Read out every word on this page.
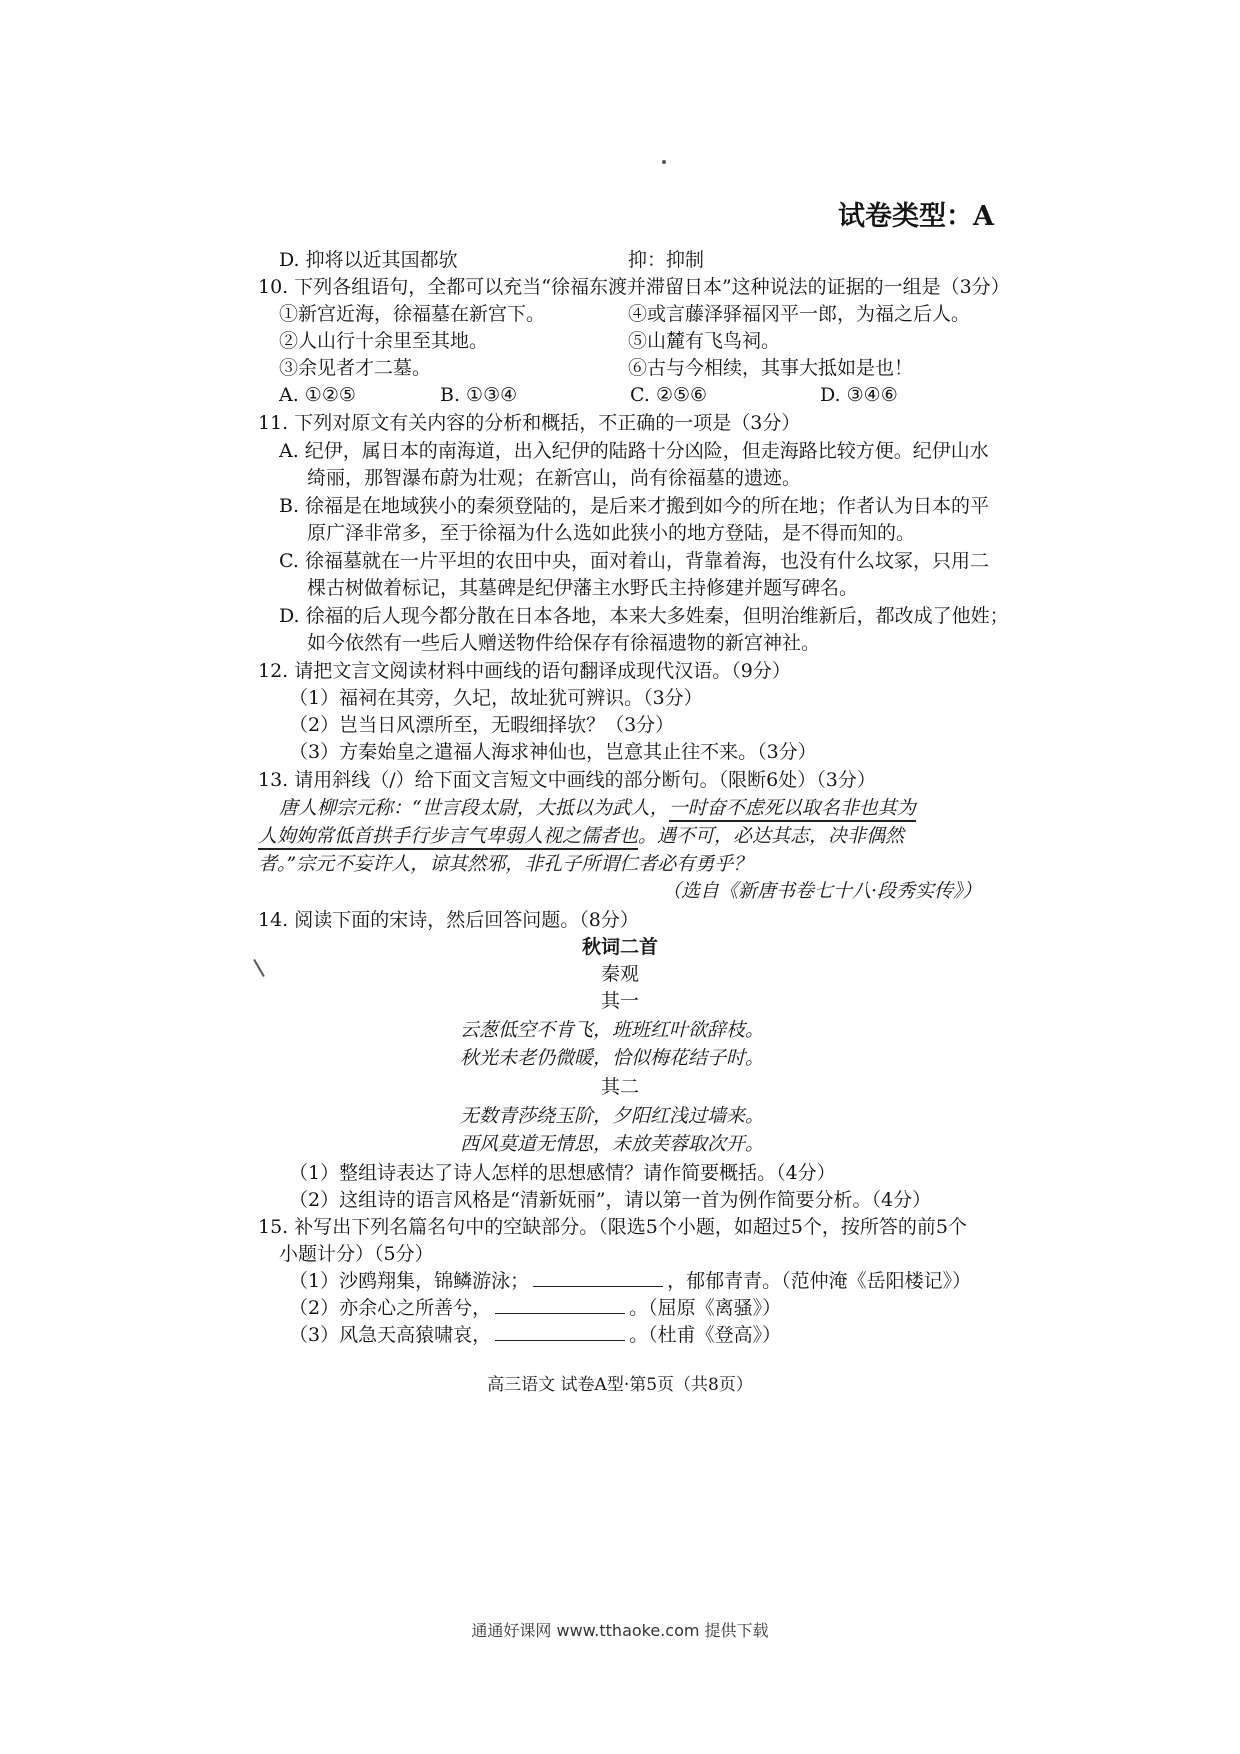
试卷类型：A
D. 抑将以近其国都欤	抑：抑制
10. 下列各组语句，全都可以充当“徐福东渡并滞留日本”这种说法的证据的一组是（3分）
①新宫近海，徐福墓在新宫下。	④或言藤泽驿福冈平一郎，为福之后人。
②人山行十余里至其地。	⑤山麓有飞鸟祠。
③余见者才二墓。	⑥古与今相续，其事大抵如是也！
A. ①②⑤	B. ①③④	C. ②⑤⑥	D. ③④⑥
11. 下列对原文有关内容的分析和概括，不正确的一项是（3分）
A. 纪伊，属日本的南海道，出入纪伊的陆路十分凶险，但走海路比较方便。纪伊山水
绮丽，那智瀑布蔚为壮观；在新宫山，尚有徐福墓的遗迹。
B. 徐福是在地域狭小的秦须登陆的，是后来才搬到如今的所在地；作者认为日本的平
原广泽非常多，至于徐福为什么选如此狭小的地方登陆，是不得而知的。
C. 徐福墓就在一片平坦的农田中央，面对着山，背靠着海，也没有什么坟冢，只用二
棵古树做着标记，其墓碑是纪伊藩主水野氏主持修建并题写碑名。
D. 徐福的后人现今都分散在日本各地，本来大多姓秦，但明治维新后，都改成了他姓；
如今依然有一些后人赠送物件给保存有徐福遗物的新宫神社。
12. 请把文言文阅读材料中画线的语句翻译成现代汉语。（9分）
（1）福祠在其旁，久圮，故址犹可辨识。（3分）
（2）岂当日风漂所至，无暇细择欤？（3分）
（3）方秦始皇之遣福人海求神仙也，岂意其止往不来。（3分）
13. 请用斜线（/）给下面文言短文中画线的部分断句。（限断6处）（3分）
唐人柳宗元称：“世言段太尉，大抵以为武人，一时奋不虑死以取名非也其为
人姁姁常低首拱手行步言气卑弱人视之儒者也。遇不可，必达其志，决非偶然
者。”宗元不妄许人，谅其然邪，非孔子所谓仁者必有勇乎？
（选自《新唐书卷七十八·段秀实传》）
14. 阅读下面的宋诗，然后回答问题。（8分）
秋词二首
秦观
其一
云葱低空不肯飞，班班红叶欲辞枝。
秋光未老仍微暖，恰似梅花结子时。
其二
无数青莎绕玉阶，夕阳红浅过墙来。
西风莫道无情思，未放芙蓉取次开。
（1）整组诗表达了诗人怎样的思想感情？请作简要概括。（4分）
（2）这组诗的语言风格是“清新妩丽”，请以第一首为例作简要分析。（4分）
15. 补写出下列名篇名句中的空缺部分。（限选5个小题，如超过5个，按所答的前5个
小题计分）（5分）
（1）沙鸥翔集，锦鳞游泳；	，郁郁青青。（范仲淹《岳阳楼记》）
（2）亦余心之所善兮，	。（屈原《离骚》）
（3）风急天高猿啸哀，	。（杜甫《登高》）
高三语文 试卷A型·第5页（共8页）
通通好课网 www.tthaoke.com 提供下载
